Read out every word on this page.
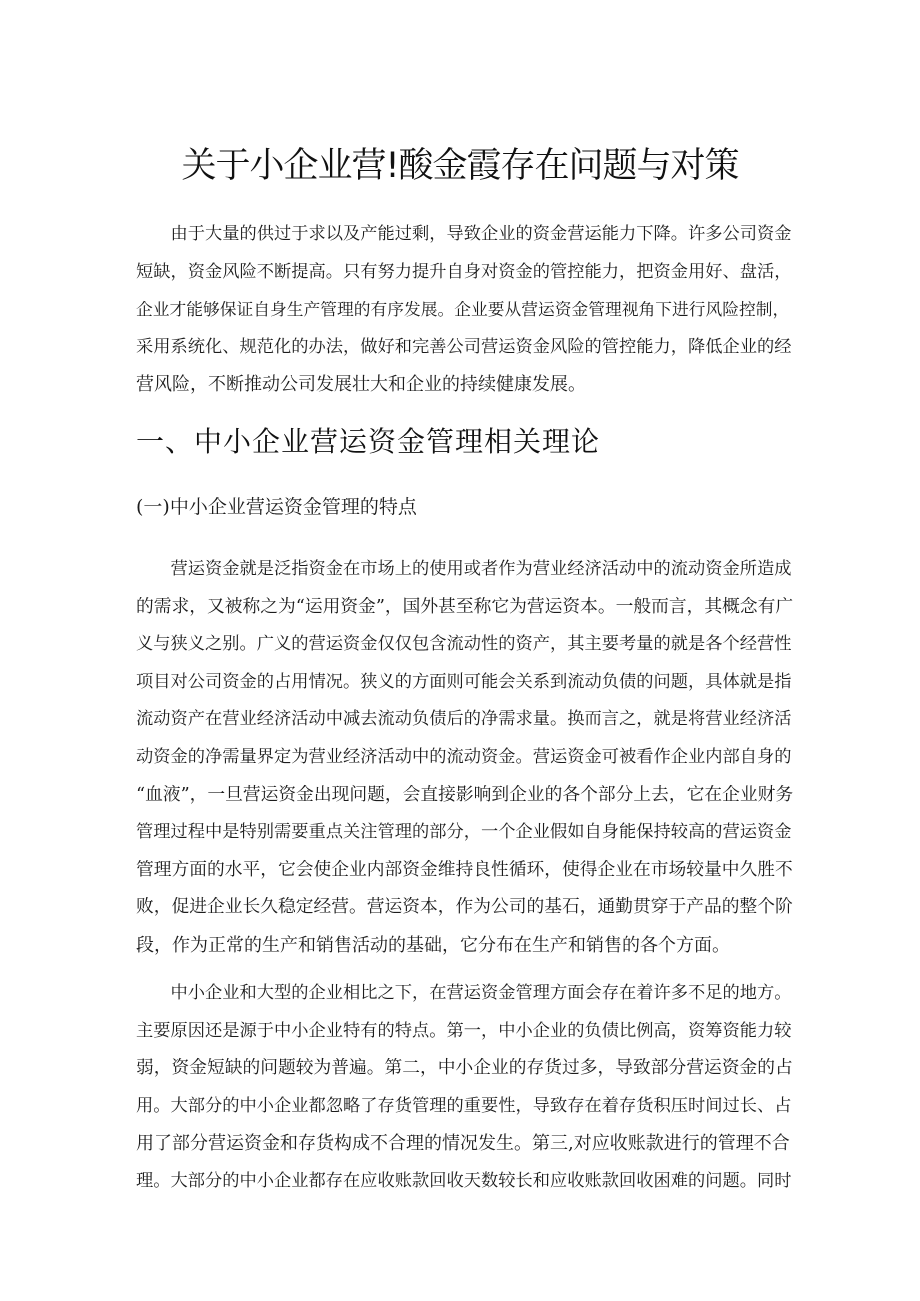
关于小企业营!酸金霞存在问题与对策
　　由于大量的供过于求以及产能过剩，导致企业的资金营运能力下降。许多公司资金
短缺，资金风险不断提高。只有努力提升自身对资金的管控能力，把资金用好、盘活，
企业才能够保证自身生产管理的有序发展。企业要从营运资金管理视角下进行风险控制，
采用系统化、规范化的办法，做好和完善公司营运资金风险的管控能力，降低企业的经
营风险，不断推动公司发展壮大和企业的持续健康发展。
一、中小企业营运资金管理相关理论
(一)中小企业营运资金管理的特点
　　营运资金就是泛指资金在市场上的使用或者作为营业经济活动中的流动资金所造成
的需求，又被称之为“运用资金”，国外甚至称它为营运资本。一般而言，其概念有广
义与狭义之别。广义的营运资金仅仅包含流动性的资产，其主要考量的就是各个经营性
项目对公司资金的占用情况。狭义的方面则可能会关系到流动负债的问题，具体就是指
流动资产在营业经济活动中减去流动负债后的净需求量。换而言之，就是将营业经济活
动资金的净需量界定为营业经济活动中的流动资金。营运资金可被看作企业内部自身的
“血液”，一旦营运资金出现问题，会直接影响到企业的各个部分上去，它在企业财务
管理过程中是特别需要重点关注管理的部分，一个企业假如自身能保持较高的营运资金
管理方面的水平，它会使企业内部资金维持良性循环，使得企业在市场较量中久胜不
败，促进企业长久稳定经营。营运资本，作为公司的基石，通勤贯穿于产品的整个阶
段，作为正常的生产和销售活动的基础，它分布在生产和销售的各个方面。
　　中小企业和大型的企业相比之下，在营运资金管理方面会存在着许多不足的地方。
主要原因还是源于中小企业特有的特点。第一，中小企业的负债比例高，资筹资能力较
弱，资金短缺的问题较为普遍。第二，中小企业的存货过多，导致部分营运资金的占
用。大部分的中小企业都忽略了存货管理的重要性，导致存在着存货积压时间过长、占
用了部分营运资金和存货构成不合理的情况发生。第三,对应收账款进行的管理不合
理。大部分的中小企业都存在应收账款回收天数较长和应收账款回收困难的问题。同时
